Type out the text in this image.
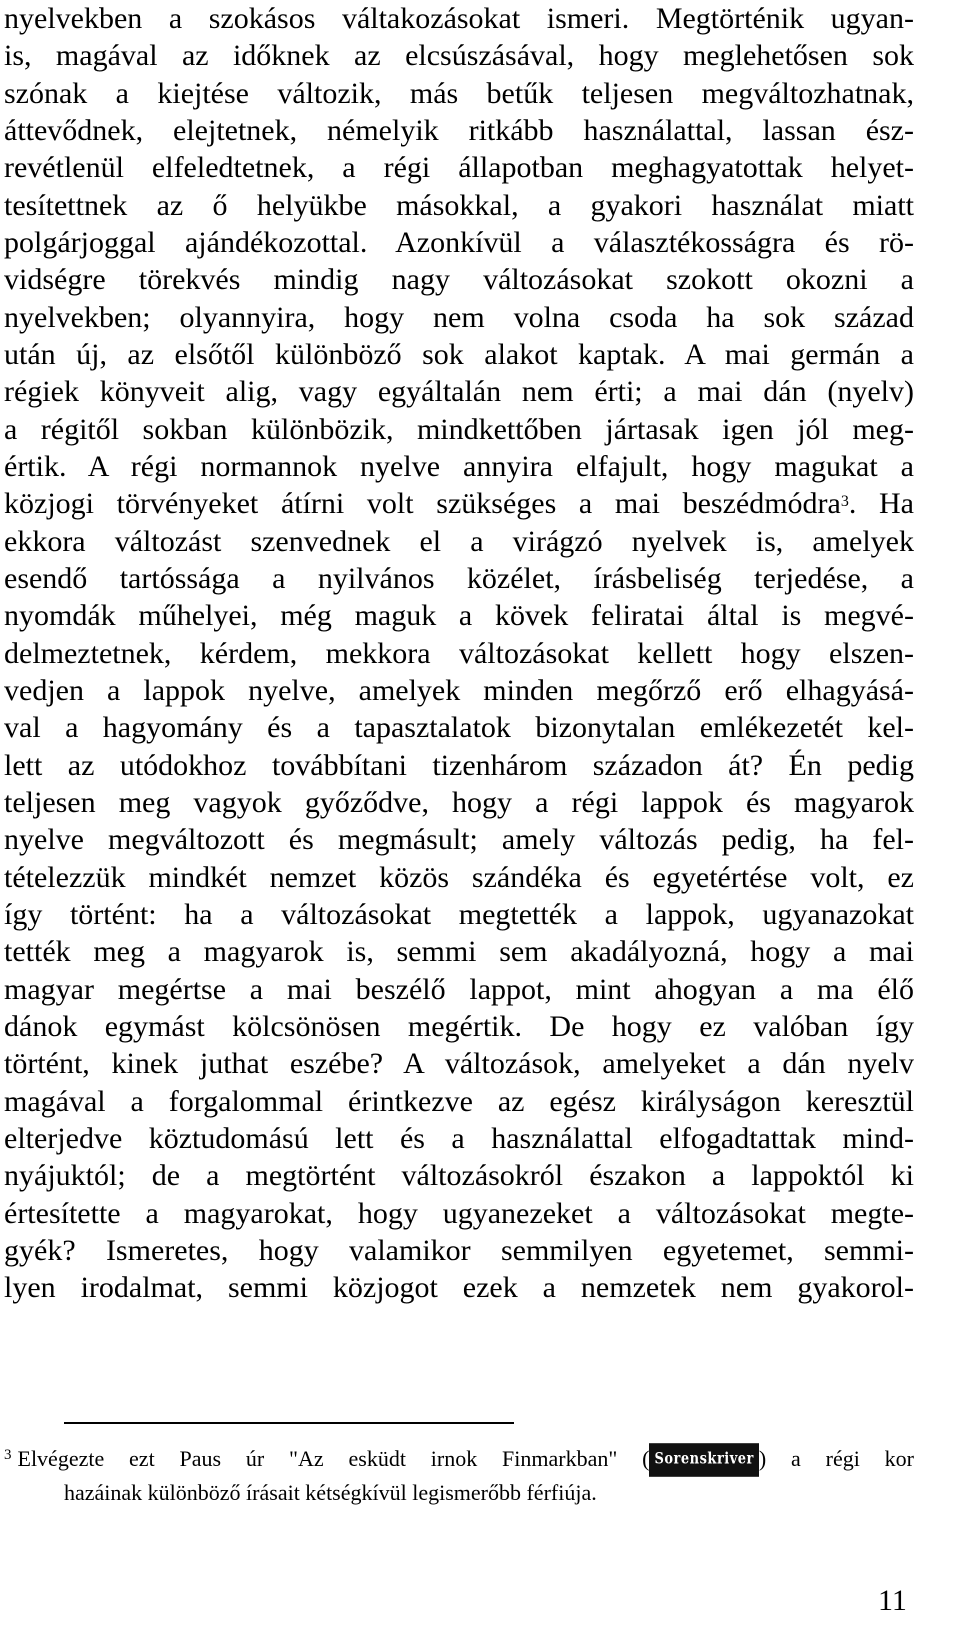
nyelvekben a szokásos váltakozásokat ismeri. Megtörténik ugyan-
is, magával az időknek az elcsúszásával, hogy meglehetősen sok
szónak a kiejtése változik, más betűk teljesen megváltozhatnak,
áttevődnek, elejtetnek, némelyik ritkább használattal, lassan ész-
revétlenül elfeledtetnek, a régi állapotban meghagyatottak helyet-
tesítettnek az ő helyükbe másokkal, a gyakori használat miatt
polgárjoggal ajándékozottal. Azonkívül a választékosságra és rö-
vidségre törekvés mindig nagy változásokat szokott okozni a
nyelvekben; olyannyira, hogy nem volna csoda ha sok század
után új, az elsőtől különböző sok alakot kaptak. A mai germán a
régiek könyveit alig, vagy egyáltalán nem érti; a mai dán (nyelv)
a régitől sokban különbözik, mindkettőben jártasak igen jól meg-
értik. A régi normannok nyelve annyira elfajult, hogy magukat a
közjogi törvényeket átírni volt szükséges a mai beszédmódra$^3$. Ha
ekkora változást szenvednek el a virágzó nyelvek is, amelyek
esendő tartóssága a nyilvános közélet, írásbeliség terjedése, a
nyomdák műhelyei, még maguk a kövek feliratai által is megvé-
delmeztetnek, kérdem, mekkora változásokat kellett hogy elszen-
vedjen a lappok nyelve, amelyek minden megőrző erő elhagyásá-
val a hagyomány és a tapasztalatok bizonytalan emlékezetét kel-
lett az utódokhoz továbbítani tizenhárom századon át? Én pedig
teljesen meg vagyok győződve, hogy a régi lappok és magyarok
nyelve megváltozott és megmásult; amely változás pedig, ha fel-
tételezzük mindkét nemzet közös szándéka és egyetértése volt, ez
így történt: ha a változásokat megtették a lappok, ugyanazokat
tették meg a magyarok is, semmi sem akadályozná, hogy a mai
magyar megértse a mai beszélő lappot, mint ahogyan a ma élő
dánok egymást kölcsönösen megértik. De hogy ez valóban így
történt, kinek juthat eszébe? A változások, amelyeket a dán nyelv
magával a forgalommal érintkezve az egész királyságon keresztül
elterjedve köztudomású lett és a használattal elfogadtattak mind-
nyájuktól; de a megtörtént változásokról északon a lappoktól ki
értesítette a magyarokat, hogy ugyanezeket a változásokat megte-
gyék? Ismeretes, hogy valamikor semmilyen egyetemet, semmi-
lyen irodalmat, semmi közjogot ezek a nemzetek nem gyakorol-
$^3$ Elvégezte ezt Paus úr "Az esküdt irnok Finmarkban" ( Sorenskriver ) a régi kor
hazáinak különböző írásait kétségkívül legismerőbb férfiúja.
11
